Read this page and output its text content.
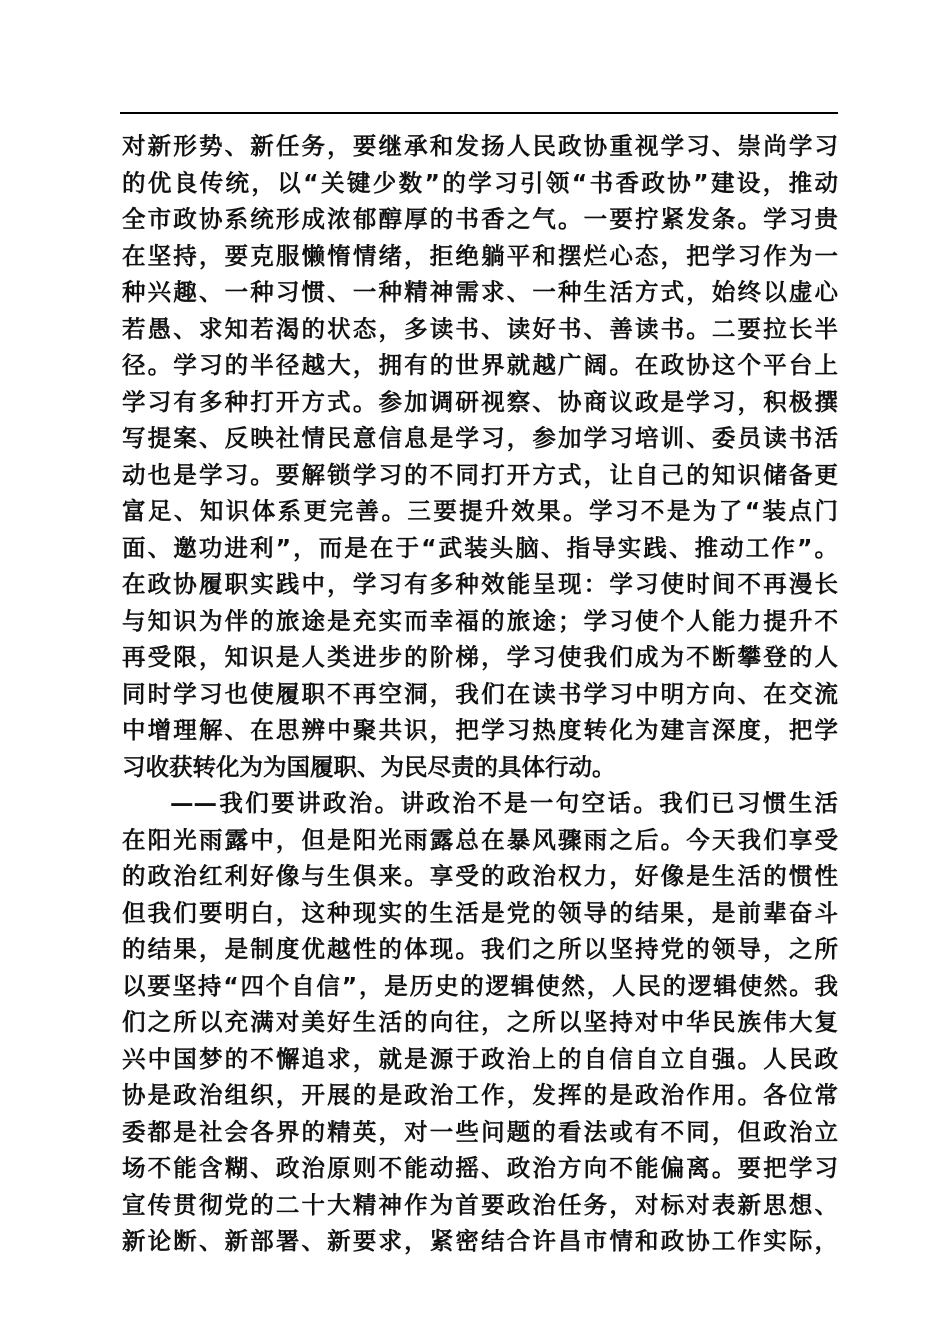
对新形势、新任务，要继承和发扬人民政协重视学习、崇尚学习
的优良传统，以“关键少数”的学习引领“书香政协”建设，推动
全市政协系统形成浓郁醇厚的书香之气。一要拧紧发条。学习贵
在坚持，要克服懒惰情绪，拒绝躺平和摆烂心态，把学习作为一
种兴趣、一种习惯、一种精神需求、一种生活方式，始终以虚心
若愚、求知若渴的状态，多读书、读好书、善读书。二要拉长半
径。学习的半径越大，拥有的世界就越广阔。在政协这个平台上
学习有多种打开方式。参加调研视察、协商议政是学习，积极撰
写提案、反映社情民意信息是学习，参加学习培训、委员读书活
动也是学习。要解锁学习的不同打开方式，让自己的知识储备更
富足、知识体系更完善。三要提升效果。学习不是为了“装点门
面、邀功进利”，而是在于“武装头脑、指导实践、推动工作”。
在政协履职实践中，学习有多种效能呈现：学习使时间不再漫长
与知识为伴的旅途是充实而幸福的旅途；学习使个人能力提升不
再受限，知识是人类进步的阶梯，学习使我们成为不断攀登的人
同时学习也使履职不再空洞，我们在读书学习中明方向、在交流
中增理解、在思辨中聚共识，把学习热度转化为建言深度，把学
习收获转化为为国履职、为民尽责的具体行动。
——我们要讲政治。讲政治不是一句空话。我们已习惯生活
在阳光雨露中，但是阳光雨露总在暴风骤雨之后。今天我们享受
的政治红利好像与生俱来。享受的政治权力，好像是生活的惯性
但我们要明白，这种现实的生活是党的领导的结果，是前辈奋斗
的结果，是制度优越性的体现。我们之所以坚持党的领导，之所
以要坚持“四个自信”，是历史的逻辑使然，人民的逻辑使然。我
们之所以充满对美好生活的向往，之所以坚持对中华民族伟大复
兴中国梦的不懈追求，就是源于政治上的自信自立自强。人民政
协是政治组织，开展的是政治工作，发挥的是政治作用。各位常
委都是社会各界的精英，对一些问题的看法或有不同，但政治立
场不能含糊、政治原则不能动摇、政治方向不能偏离。要把学习
宣传贯彻党的二十大精神作为首要政治任务，对标对表新思想、
新论断、新部署、新要求，紧密结合许昌市情和政协工作实际，
